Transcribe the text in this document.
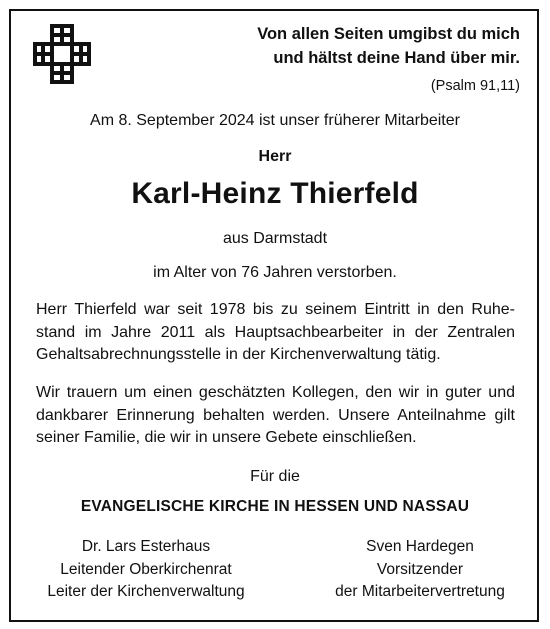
Von allen Seiten umgibst du mich
und hältst deine Hand über mir.
(Psalm 91,11)
Am 8. September 2024 ist unser früherer Mitarbeiter
Herr
Karl-Heinz Thierfeld
aus Darmstadt
im Alter von 76 Jahren verstorben.
Herr Thierfeld war seit 1978 bis zu seinem Eintritt in den Ruhestand im Jahre 2011 als Hauptsachbearbeiter in der Zentralen Gehaltsabrechnungsstelle in der Kirchenverwaltung tätig.
Wir trauern um einen geschätzten Kollegen, den wir in guter und dankbarer Erinnerung behalten werden. Unsere Anteilnahme gilt seiner Familie, die wir in unsere Gebete einschließen.
Für die
EVANGELISCHE KIRCHE IN HESSEN UND NASSAU
Dr. Lars Esterhaus
Leitender Oberkirchenrat
Leiter der Kirchenverwaltung
Sven Hardegen
Vorsitzender
der Mitarbeitervertretung
